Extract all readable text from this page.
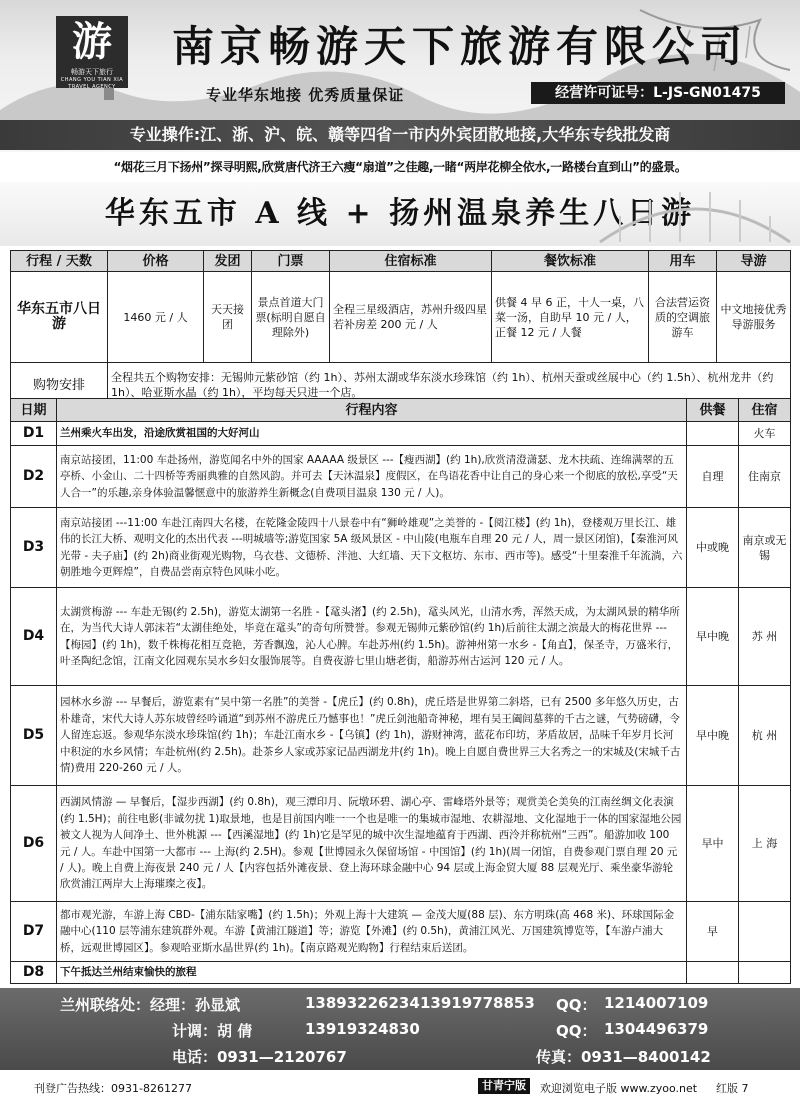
游
畅游天下旅行
CHANG YOU TIAN XIA TRAVEL AGENCY
南京畅游天下旅游有限公司
专业华东地接 优秀质量保证	经营许可证号：L-JS-GN01475
专业操作:江、浙、沪、皖、赣等四省一市内外宾团散地接,大华东专线批发商
“烟花三月下扬州”探寻明熙,欣赏唐代济王六瘦“扇道”之佳趣,一睹“两岸花柳全依水,一路楼台直到山”的盛景。
华东五市 A 线 + 扬州温泉养生八日游
行程 / 天数	价格	发团	门票	住宿标准	餐饮标准	用车	导游
华东五市八日游	1460 元 / 人	天天接团	景点首道大门票(标明自愿自理除外)	全程三星级酒店，苏州升级四星 若补房差 200 元 / 人	供餐 4 早 6 正，十人一桌，八菜一汤，自助早 10 元 / 人，正餐 12 元 / 人餐	合法营运资质的空调旅游车	中文地接优秀导游服务
购物安排	全程共五个购物安排：无锡帅元紫砂馆（约 1h）、苏州太湖或华东淡水珍珠馆（约 1h）、杭州天蚕或丝展中心（约 1.5h）、杭州龙井（约 1h）、哈亚斯水晶（约 1h），平均每天只进一个店。						
日期	行程内容	供餐	住宿
D1	兰州乘火车出发，沿途欣赏祖国的大好河山		火车
D2	南京站接团，11:00 车赴扬州，游览闻名中外的国家 AAAAA 级景区 ---【瘦西湖】(约 1h),欣赏清澄潇瑟、龙木扶疏、连绵满翠的五亭桥、小金山、二十四桥等秀丽典雅的自然风韵。并可去【天沐温泉】度假区，在鸟语花香中让自己的身心来一个彻底的放松,享受“天人合一”的乐趣,亲身体验温馨惬意中的旅游养生新概念(自费项目温泉 130 元 / 人)。	自理	住南京
D3	南京站接团 ---11:00 车赴江南四大名楼，在乾隆金陵四十八景卷中有“狮岭雄观”之美誉的 -【阅江楼】(约 1h)，登楼观万里长江、雄伟的长江大桥、观明文化的杰出代表 ---明城墙等;游览国家 5A 级风景区 - 中山陵(电瓶车自理 20 元 / 人，周一景区闭馆)，【秦淮河风光带 - 夫子庙】(约 2h)商业街观光购物，乌衣巷、文德桥、泮池、大红墙、天下文枢坊、东市、西市等)。感受“十里秦淮千年流淌，六朝胜地今更辉煌”，自费品尝南京特色风味小吃。	中或晚	南京或无锡
D4	太湖赏梅游 --- 车赴无锡(约 2.5h)，游览太湖第一名胜 -【鼋头渚】(约 2.5h)，鼋头风光，山清水秀，浑然天成，为太湖风景的精华所在，为当代大诗人郭沫若“太湖佳绝处，毕竟在鼋头”的奇句所赞誉。参观无锡帅元紫砂馆(约 1h)后前往太湖之滨最大的梅花世界 ---【梅园】(约 1h)，数千株梅花相互竞艳，芳香飘逸，沁人心脾。车赴苏州(约 1.5h)。游神州第一水乡 -【角直】，保圣寺，万盛米行，叶圣陶纪念馆，江南文化园观东吴水乡妇女服饰展等。自费夜游七里山塘老街，船游苏州古运河 120 元 / 人。	早中晚	苏 州
D5	园林水乡游 --- 早餐后，游览素有“吴中第一名胜”的美誉 -【虎丘】(约 0.8h)，虎丘塔是世界第二斜塔，已有 2500 多年悠久历史，古朴雄奇，宋代大诗人苏东坡曾经吟诵道“到苏州不游虎丘乃憾事也！”虎丘剑池船奇神秘，埋有吴王阖闾墓葬的千古之谜，气势磅礴，令人留连忘返。参观华东淡水珍珠馆(约 1h)；车赴江南水乡 -【乌镇】(约 1h)，游财神湾，蓝花布印坊，茅盾故居，品味千年岁月长河中积淀的水乡风情；车赴杭州(约 2.5h)。赴茶乡人家或苏家记品西湖龙井(约 1h)。晚上自愿自费世界三大名秀之一的宋城及(宋城千古情)费用 220-260 元 / 人。	早中晚	杭 州
D6	西湖风情游 — 早餐后，【湿步西湖】(约 0.8h)，观三潭印月、阮墩环碧、湖心亭、雷峰塔外景等；观赏美仑美奂的江南丝绸文化表演(约 1.5H)；前往电影(非诚勿扰 1)取景地，也是目前国内唯一一个也是唯一的集城市湿地、农耕湿地、文化湿地于一体的国家湿地公园被文人视为人间净土、世外桃源 ---【西溪湿地】(约 1h)它是罕见的城中次生湿地蕴育于西湖、西泠并称杭州“三西”。船游加收 100 元 / 人。车赴中国第一大都市 --- 上海(约 2.5H)。参观【世博园永久保留场馆 - 中国馆】(约 1h)(周一闭馆，自费参观门票自理 20 元 / 人)。晚上自费上海夜景 240 元 / 人【内容包括外滩夜景、登上海环球金融中心 94 层或上海金贸大厦 88 层观光厅、乘坐豪华游轮欣赏浦江两岸大上海璀璨之夜】。	早中	上 海
D7	都市观光游，车游上海 CBD-【浦东陆家嘴】(约 1.5h)；外观上海十大建筑 — 金茂大厦(88 层)、东方明珠(高 468 米)、环球国际金融中心(110 层等浦东建筑群外观。车游【黄浦江隧道】等；游览【外滩】(约 0.5h)，黄浦江风光、万国建筑博览等，【车游卢浦大桥，远观世博园区】。参观哈亚斯水晶世界(约 1h)。【南京路观光购物】行程结束后送团。	早	
D8	下午抵达兰州结束愉快的旅程		
兰州联络处：经理：孙显斌	13893226234 13919778853 QQ： 1214007109
计调：胡 倩	13919324830	QQ： 1304496379
电话：0931—2120767	传真：0931—8400142
刊登广告热线：0931-8261277	甘青宁版	欢迎浏览电子版 www.zyoo.net 红版 7
